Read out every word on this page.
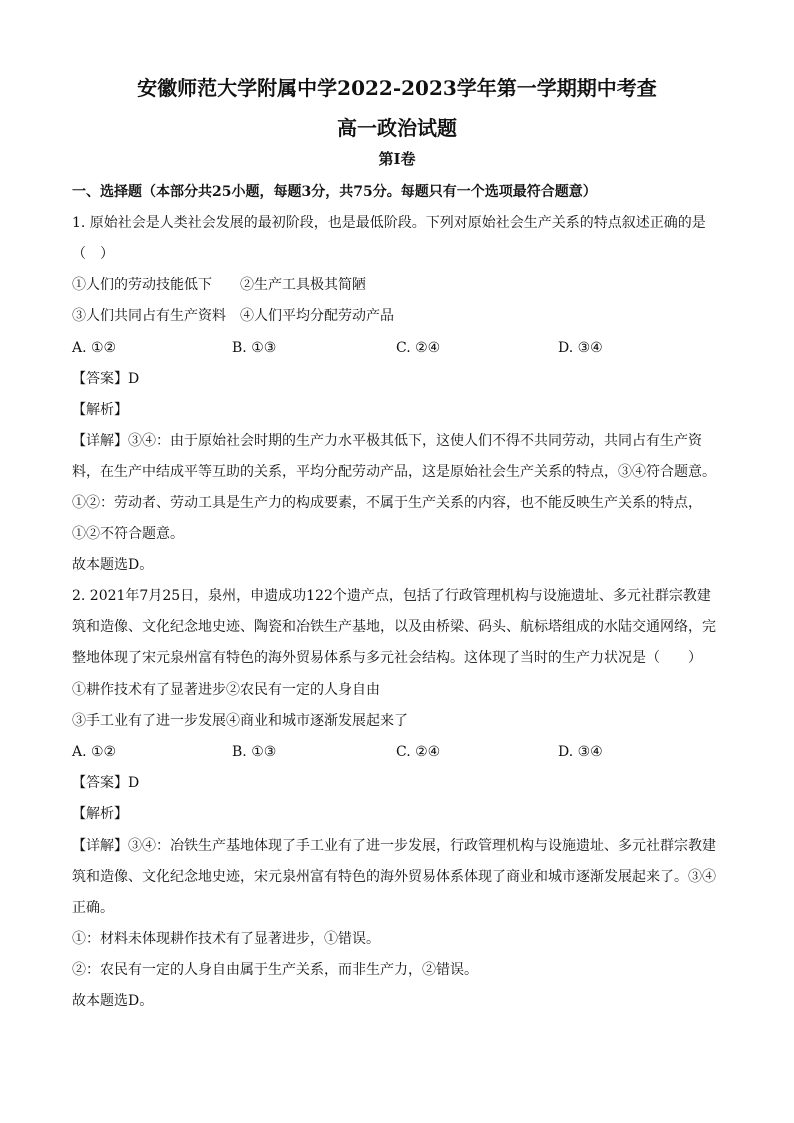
安徽师范大学附属中学2022-2023学年第一学期期中考查
高一政治试题
第Ⅰ卷
一、选择题（本部分共25小题，每题3分，共75分。每题只有一个选项最符合题意）
1. 原始社会是人类社会发展的最初阶段，也是最低阶段。下列对原始社会生产关系的特点叙述正确的是
（　）
①人们的劳动技能低下　　②生产工具极其简陋
③人们共同占有生产资料　④人们平均分配劳动产品
A. ①②	B. ①③	C. ②④	D. ③④
【答案】D
【解析】
【详解】③④：由于原始社会时期的生产力水平极其低下，这使人们不得不共同劳动，共同占有生产资
料，在生产中结成平等互助的关系，平均分配劳动产品，这是原始社会生产关系的特点，③④符合题意。
①②：劳动者、劳动工具是生产力的构成要素，不属于生产关系的内容，也不能反映生产关系的特点，
①②不符合题意。
故本题选D。
2. 2021年7月25日，泉州，申遗成功122个遗产点，包括了行政管理机构与设施遗址、多元社群宗教建
筑和造像、文化纪念地史迹、陶瓷和冶铁生产基地，以及由桥梁、码头、航标塔组成的水陆交通网络，完
整地体现了宋元泉州富有特色的海外贸易体系与多元社会结构。这体现了当时的生产力状况是（　　）
①耕作技术有了显著进步②农民有一定的人身自由
③手工业有了进一步发展④商业和城市逐渐发展起来了
A. ①②	B. ①③	C. ②④	D. ③④
【答案】D
【解析】
【详解】③④：冶铁生产基地体现了手工业有了进一步发展，行政管理机构与设施遗址、多元社群宗教建
筑和造像、文化纪念地史迹，宋元泉州富有特色的海外贸易体系体现了商业和城市逐渐发展起来了。③④
正确。
①：材料未体现耕作技术有了显著进步，①错误。
②：农民有一定的人身自由属于生产关系，而非生产力，②错误。
故本题选D。
